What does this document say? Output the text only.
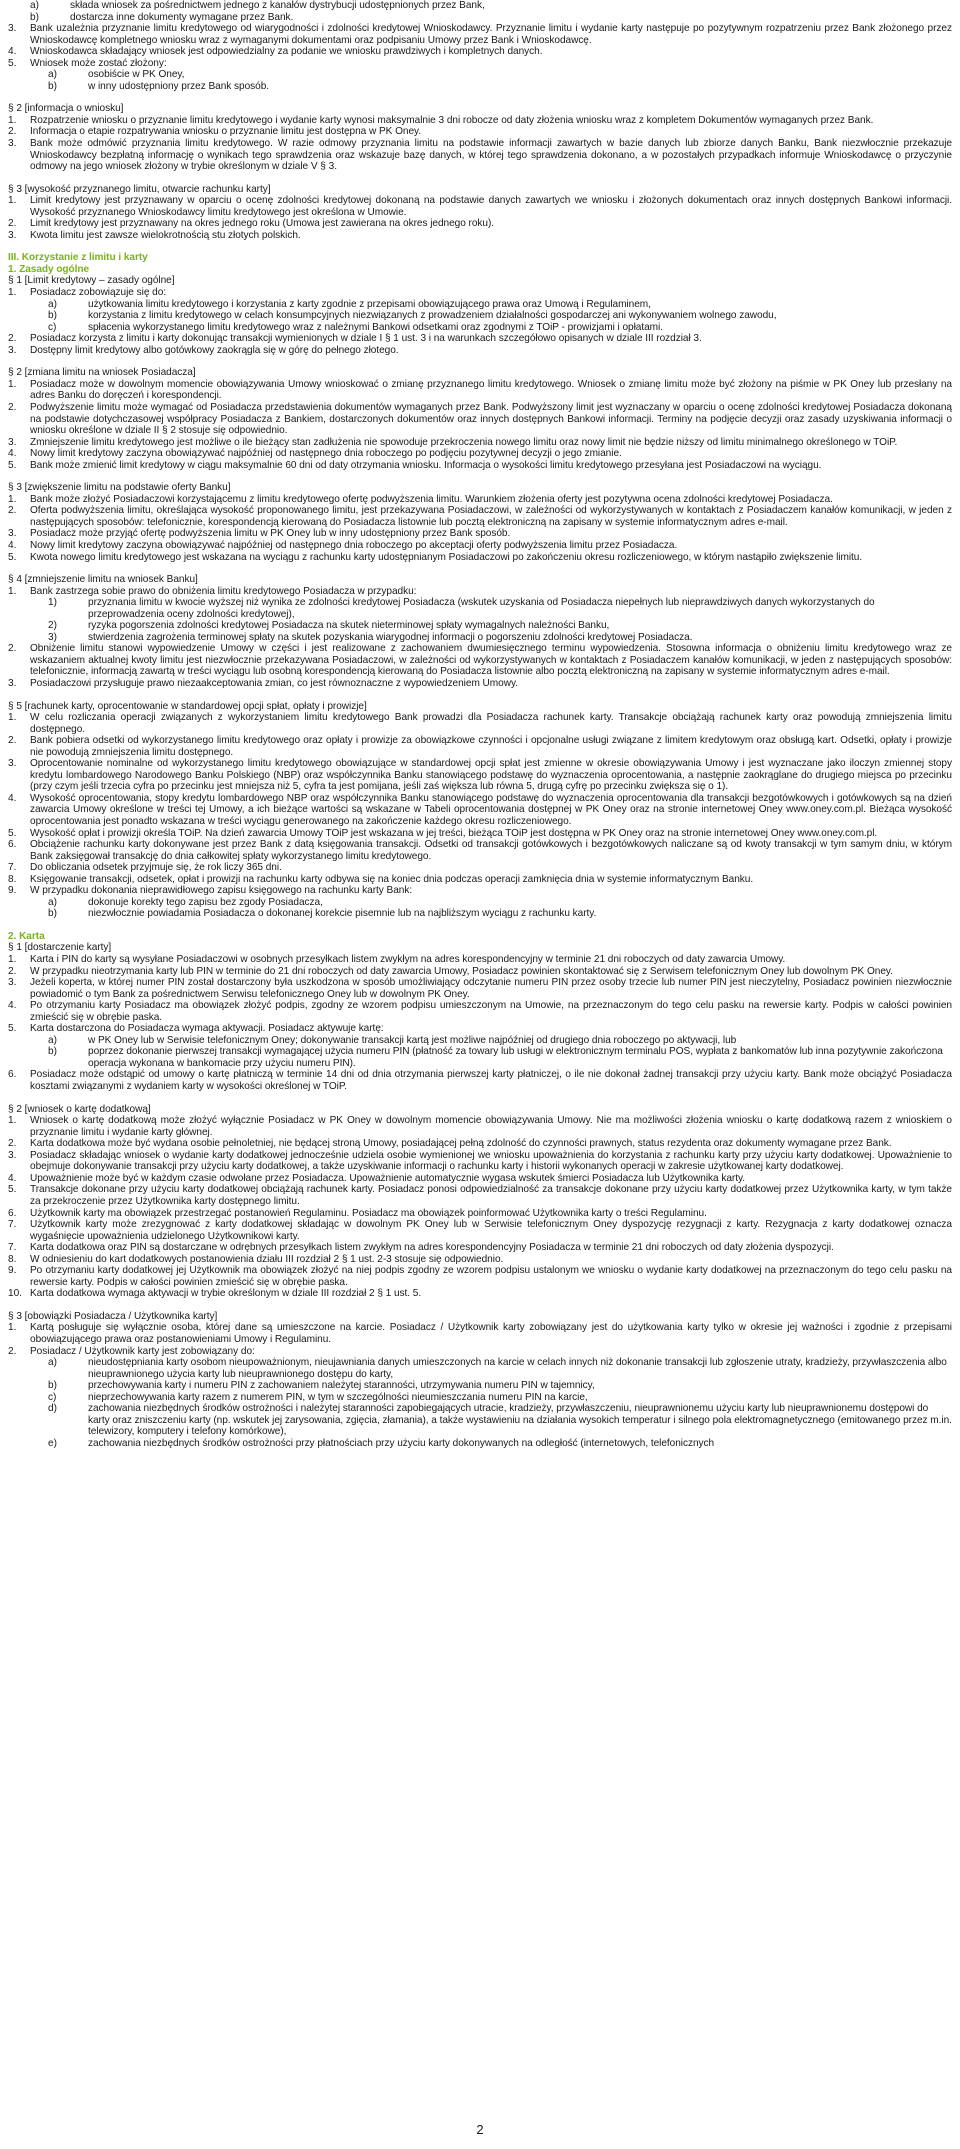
a)	składa wniosek za pośrednictwem jednego z kanałów dystrybucji udostępnionych przez Bank,
b)	dostarcza inne dokumenty wymagane przez Bank.
3.	Bank uzależnia przyznanie limitu kredytowego od wiarygodności i zdolności kredytowej Wnioskodawcy. Przyznanie limitu i wydanie karty następuje po pozytywnym rozpatrzeniu przez Bank złożonego przez Wnioskodawcę kompletnego wniosku wraz z wymaganymi dokumentami oraz podpisaniu Umowy przez Bank i Wnioskodawcę.
4.	Wnioskodawca składający wniosek jest odpowiedzialny za podanie we wniosku prawdziwych i kompletnych danych.
5.	Wniosek może zostać złożony:
a)	osobiście w PK Oney,
b)	w inny udostępniony przez Bank sposób.
§ 2 [informacja o wniosku]
1.	Rozpatrzenie wniosku o przyznanie limitu kredytowego i wydanie karty wynosi maksymalnie 3 dni robocze od daty złożenia wniosku wraz z kompletem Dokumentów wymaganych przez Bank.
2.	Informacja o etapie rozpatrywania wniosku o przyznanie limitu jest dostępna w PK Oney.
3.	Bank może odmówić przyznania limitu kredytowego. W razie odmowy przyznania limitu na podstawie informacji zawartych w bazie danych lub zbiorze danych Banku, Bank niezwłocznie przekazuje Wnioskodawcy bezpłatną informację o wynikach tego sprawdzenia oraz wskazuje bazę danych, w której tego sprawdzenia dokonano, a w pozostałych przypadkach informuje Wnioskodawcę o przyczynie odmowy na jego wniosek złożony w trybie określonym w dziale V § 3.
§ 3 [wysokość przyznanego limitu, otwarcie rachunku karty]
1.	Limit kredytowy jest przyznawany w oparciu o ocenę zdolności kredytowej dokonaną na podstawie danych zawartych we wniosku i złożonych dokumentach oraz innych dostępnych Bankowi informacji. Wysokość przyznanego Wnioskodawcy limitu kredytowego jest określona w Umowie.
2.	Limit kredytowy jest przyznawany na okres jednego roku (Umowa jest zawierana na okres jednego roku).
3.	Kwota limitu jest zawsze wielokrotnością stu złotych polskich.
III. Korzystanie z limitu i karty
1. Zasady ogólne
§ 1 [Limit kredytowy – zasady ogólne]
1.	Posiadacz zobowiązuje się do:
a)	użytkowania limitu kredytowego i korzystania z karty zgodnie z przepisami obowiązującego prawa oraz Umową i Regulaminem,
b)	korzystania z limitu kredytowego w celach konsumpcyjnych niezwiązanych z prowadzeniem działalności gospodarczej ani wykonywaniem wolnego zawodu,
c)	spłacenia wykorzystanego limitu kredytowego wraz z należnymi Bankowi odsetkami oraz zgodnymi z TOiP - prowizjami i opłatami.
2.	Posiadacz korzysta z limitu i karty dokonując transakcji wymienionych w dziale I § 1 ust. 3 i na warunkach szczegółowo opisanych w dziale III rozdział 3.
3.	Dostępny limit kredytowy albo gotówkowy zaokrągla się w górę do pełnego złotego.
§ 2 [zmiana limitu na wniosek Posiadacza]
1.	Posiadacz może w dowolnym momencie obowiązywania Umowy wnioskować o zmianę przyznanego limitu kredytowego. Wniosek o zmianę limitu może być złożony na piśmie w PK Oney lub przesłany na adres Banku do doręczeń i korespondencji.
2.	Podwyższenie limitu może wymagać od Posiadacza przedstawienia dokumentów wymaganych przez Bank. Podwyższony limit jest wyznaczany w oparciu o ocenę zdolności kredytowej Posiadacza dokonaną na podstawie dotychczasowej współpracy Posiadacza z Bankiem, dostarczonych dokumentów oraz innych dostępnych Bankowi informacji. Terminy na podjęcie decyzji oraz zasady uzyskiwania informacji o wniosku określone w dziale II § 2 stosuje się odpowiednio.
3.	Zmniejszenie limitu kredytowego jest możliwe o ile bieżący stan zadłużenia nie spowoduje przekroczenia nowego limitu oraz nowy limit nie będzie niższy od limitu minimalnego określonego w TOiP.
4.	Nowy limit kredytowy zaczyna obowiązywać najpóźniej od następnego dnia roboczego po podjęciu pozytywnej decyzji o jego zmianie.
5.	Bank może zmienić limit kredytowy w ciągu maksymalnie 60 dni od daty otrzymania wniosku. Informacja o wysokości limitu kredytowego przesyłana jest Posiadaczowi na wyciągu.
§ 3 [zwiększenie limitu na podstawie oferty Banku]
1.	Bank może złożyć Posiadaczowi korzystającemu z limitu kredytowego ofertę podwyższenia limitu. Warunkiem złożenia oferty jest pozytywna ocena zdolności kredytowej Posiadacza.
2.	Oferta podwyższenia limitu, określająca wysokość proponowanego limitu, jest przekazywana Posiadaczowi, w zależności od wykorzystywanych w kontaktach z Posiadaczem kanałów komunikacji, w jeden z następujących sposobów: telefonicznie, korespondencją kierowaną do Posiadacza listownie lub pocztą elektroniczną na zapisany w systemie informatycznym adres e-mail.
3.	Posiadacz może przyjąć ofertę podwyższenia limitu w PK Oney lub w inny udostępniony przez Bank sposób.
4.	Nowy limit kredytowy zaczyna obowiązywać najpóźniej od następnego dnia roboczego po akceptacji oferty podwyższenia limitu przez Posiadacza.
5.	Kwota nowego limitu kredytowego jest wskazana na wyciągu z rachunku karty udostępnianym Posiadaczowi po zakończeniu okresu rozliczeniowego, w którym nastąpiło zwiększenie limitu.
§ 4 [zmniejszenie limitu na wniosek Banku]
1.	Bank zastrzega sobie prawo do obniżenia limitu kredytowego Posiadacza w przypadku:
1)	przyznania limitu w kwocie wyższej niż wynika ze zdolności kredytowej Posiadacza (wskutek uzyskania od Posiadacza niepełnych lub nieprawdziwych danych wykorzystanych do przeprowadzenia oceny zdolności kredytowej),
2)	ryzyka pogorszenia zdolności kredytowej Posiadacza na skutek nieterminowej spłaty wymagalnych należności Banku,
3)	stwierdzenia zagrożenia terminowej spłaty na skutek pozyskania wiarygodnej informacji o pogorszeniu zdolności kredytowej Posiadacza.
2.	Obniżenie limitu stanowi wypowiedzenie Umowy w części i jest realizowane z zachowaniem dwumiesięcznego terminu wypowiedzenia. Stosowna informacja o obniżeniu limitu kredytowego wraz ze wskazaniem aktualnej kwoty limitu jest niezwłocznie przekazywana Posiadaczowi, w zależności od wykorzystywanych w kontaktach z Posiadaczem kanałów komunikacji, w jeden z następujących sposobów: telefonicznie, informacją zawartą w treści wyciągu lub osobną korespondencją kierowaną do Posiadacza listownie albo pocztą elektroniczną na zapisany w systemie informatycznym adres e-mail.
3.	Posiadaczowi przysługuje prawo niezaakceptowania zmian, co jest równoznaczne z wypowiedzeniem Umowy.
§ 5 [rachunek karty, oprocentowanie w standardowej opcji spłat, opłaty i prowizje]
1.	W celu rozliczania operacji związanych z wykorzystaniem limitu kredytowego Bank prowadzi dla Posiadacza rachunek karty. Transakcje obciążają rachunek karty oraz powodują zmniejszenia limitu dostępnego.
2.	Bank pobiera odsetki od wykorzystanego limitu kredytowego oraz opłaty i prowizje za obowiązkowe czynności i opcjonalne usługi związane z limitem kredytowym oraz obsługą kart. Odsetki, opłaty i prowizje nie powodują zmniejszenia limitu dostępnego.
3.	Oprocentowanie nominalne od wykorzystanego limitu kredytowego obowiązujące w standardowej opcji spłat jest zmienne w okresie obowiązywania Umowy i jest wyznaczane jako iloczyn zmiennej stopy kredytu lombardowego Narodowego Banku Polskiego (NBP) oraz współczynnika Banku stanowiącego podstawę do wyznaczenia oprocentowania, a następnie zaokrąglane do drugiego miejsca po przecinku (przy czym jeśli trzecia cyfra po przecinku jest mniejsza niż 5, cyfra ta jest pomijana, jeśli zaś większa lub równa 5, drugą cyfrę po przecinku zwiększa się o 1).
4.	Wysokość oprocentowania, stopy kredytu lombardowego NBP oraz współczynnika Banku stanowiącego podstawę do wyznaczenia oprocentowania dla transakcji bezgotówkowych i gotówkowych są na dzień zawarcia Umowy określone w treści tej Umowy, a ich bieżące wartości są wskazane w Tabeli oprocentowania dostępnej w PK Oney oraz na stronie internetowej Oney www.oney.com.pl. Bieżąca wysokość oprocentowania jest ponadto wskazana w treści wyciągu generowanego na zakończenie każdego okresu rozliczeniowego.
5.	Wysokość opłat i prowizji określa TOiP. Na dzień zawarcia Umowy TOiP jest wskazana w jej treści, bieżąca TOiP jest dostępna w PK Oney oraz na stronie internetowej Oney www.oney.com.pl.
6.	Obciążenie rachunku karty dokonywane jest przez Bank z datą księgowania transakcji. Odsetki od transakcji gotówkowych i bezgotówkowych naliczane są od kwoty transakcji w tym samym dniu, w którym Bank zaksięgował transakcję do dnia całkowitej spłaty wykorzystanego limitu kredytowego.
7.	Do obliczania odsetek przyjmuje się, że rok liczy 365 dni.
8.	Księgowanie transakcji, odsetek, opłat i prowizji na rachunku karty odbywa się na koniec dnia podczas operacji zamknięcia dnia w systemie informatycznym Banku.
9.	W przypadku dokonania nieprawidłowego zapisu księgowego na rachunku karty Bank:
a)	dokonuje korekty tego zapisu bez zgody Posiadacza,
b)	niezwłocznie powiadamia Posiadacza o dokonanej korekcie pisemnie lub na najbliższym wyciągu z rachunku karty.
2. Karta
§ 1 [dostarczenie karty]
1.	Karta i PIN do karty są wysyłane Posiadaczowi w osobnych przesyłkach listem zwykłym na adres korespondencyjny w terminie 21 dni roboczych od daty zawarcia Umowy.
2.	W przypadku nieotrzymania karty lub PIN w terminie do 21 dni roboczych od daty zawarcia Umowy, Posiadacz powinien skontaktować się z Serwisem telefonicznym Oney lub dowolnym PK Oney.
3.	Jeżeli koperta, w której numer PIN został dostarczony była uszkodzona w sposób umożliwiający odczytanie numeru PIN przez osoby trzecie lub numer PIN jest nieczytelny, Posiadacz powinien niezwłocznie powiadomić o tym Bank za pośrednictwem Serwisu telefonicznego Oney lub w dowolnym PK Oney.
4.	Po otrzymaniu karty Posiadacz ma obowiązek złożyć podpis, zgodny ze wzorem podpisu umieszczonym na Umowie, na przeznaczonym do tego celu pasku na rewersie karty. Podpis w całości powinien zmieścić się w obrębie paska.
5.	Karta dostarczona do Posiadacza wymaga aktywacji. Posiadacz aktywuje kartę:
a)	w PK Oney lub w Serwisie telefonicznym Oney; dokonywanie transakcji kartą jest możliwe najpóźniej od drugiego dnia roboczego po aktywacji, lub
b)	poprzez dokonanie pierwszej transakcji wymagającej użycia numeru PIN (płatność za towary lub usługi w elektronicznym terminalu POS, wypłata z bankomatów lub inna pozytywnie zakończona operacja wykonana w bankomacie przy użyciu numeru PIN).
6.	Posiadacz może odstąpić od umowy o kartę płatniczą w terminie 14 dni od dnia otrzymania pierwszej karty płatniczej, o ile nie dokonał żadnej transakcji przy użyciu karty. Bank może obciążyć Posiadacza kosztami związanymi z wydaniem karty w wysokości określonej w TOiP.
§ 2 [wniosek o kartę dodatkową]
1.	Wniosek o kartę dodatkową może złożyć wyłącznie Posiadacz w PK Oney w dowolnym momencie obowiązywania Umowy. Nie ma możliwości złożenia wniosku o kartę dodatkową razem z wnioskiem o przyznanie limitu i wydanie karty głównej.
2.	Karta dodatkowa może być wydana osobie pełnoletniej, nie będącej stroną Umowy, posiadającej pełną zdolność do czynności prawnych, status rezydenta oraz dokumenty wymagane przez Bank.
3.	Posiadacz składając wniosek o wydanie karty dodatkowej jednocześnie udziela osobie wymienionej we wniosku upoważnienia do korzystania z rachunku karty przy użyciu karty dodatkowej. Upoważnienie to obejmuje dokonywanie transakcji przy użyciu karty dodatkowej, a także uzyskiwanie informacji o rachunku karty i historii wykonanych operacji w zakresie użytkowanej karty dodatkowej.
4.	Upoważnienie może być w każdym czasie odwołane przez Posiadacza. Upoważnienie automatycznie wygasa wskutek śmierci Posiadacza lub Użytkownika karty.
5.	Transakcje dokonane przy użyciu karty dodatkowej obciążają rachunek karty. Posiadacz ponosi odpowiedzialność za transakcje dokonane przy użyciu karty dodatkowej przez Użytkownika karty, w tym także za przekroczenie przez Użytkownika karty dostępnego limitu.
6.	Użytkownik karty ma obowiązek przestrzegać postanowień Regulaminu. Posiadacz ma obowiązek poinformować Użytkownika karty o treści Regulaminu.
7.	Użytkownik karty może zrezygnować z karty dodatkowej składając w dowolnym PK Oney lub w Serwisie telefonicznym Oney dyspozycję rezygnacji z karty. Rezygnacja z karty dodatkowej oznacza wygaśnięcie upoważnienia udzielonego Użytkownikowi karty.
7.	Karta dodatkowa oraz PIN są dostarczane w odrębnych przesyłkach listem zwykłym na adres korespondencyjny Posiadacza w terminie 21 dni roboczych od daty złożenia dyspozycji.
8.	W odniesieniu do kart dodatkowych postanowienia działu III rozdział 2 § 1 ust. 2-3 stosuje się odpowiednio.
9.	Po otrzymaniu karty dodatkowej jej Użytkownik ma obowiązek złożyć na niej podpis zgodny ze wzorem podpisu ustalonym we wniosku o wydanie karty dodatkowej na przeznaczonym do tego celu pasku na rewersie karty. Podpis w całości powinien zmieścić się w obrębie paska.
10. Karta dodatkowa wymaga aktywacji w trybie określonym w dziale III rozdział 2 § 1 ust. 5.
§ 3 [obowiązki Posiadacza / Użytkownika karty]
1.	Kartą posługuje się wyłącznie osoba, której dane są umieszczone na karcie. Posiadacz / Użytkownik karty zobowiązany jest do użytkowania karty tylko w okresie jej ważności i zgodnie z przepisami obowiązującego prawa oraz postanowieniami Umowy i Regulaminu.
2.	Posiadacz / Użytkownik karty jest zobowiązany do:
a)	nieudostępniania karty osobom nieupoważnionym, nieujawniania danych umieszczonych na karcie w celach innych niż dokonanie transakcji lub zgłoszenie utraty, kradzieży, przywłaszczenia albo nieuprawnionego użycia karty lub nieuprawnionego dostępu do karty,
b)	przechowywania karty i numeru PIN z zachowaniem należytej staranności, utrzymywania numeru PIN w tajemnicy,
c)	nieprzechowywania karty razem z numerem PIN, w tym w szczególności nieumieszczania numeru PIN na karcie,
d)	zachowania niezbędnych środków ostrożności i należytej staranności zapobiegających utracie, kradzieży, przywłaszczeniu, nieuprawnionemu użyciu karty lub nieuprawnionemu dostępowi do karty oraz zniszczeniu karty (np. wskutek jej zarysowania, zgięcia, złamania), a także wystawieniu na działania wysokich temperatur i silnego pola elektromagnetycznego (emitowanego przez m.in. telewizory, komputery i telefony komórkowe),
e)	zachowania niezbędnych środków ostrożności przy płatnościach przy użyciu karty dokonywanych na odległość (internetowych, telefonicznych
2
